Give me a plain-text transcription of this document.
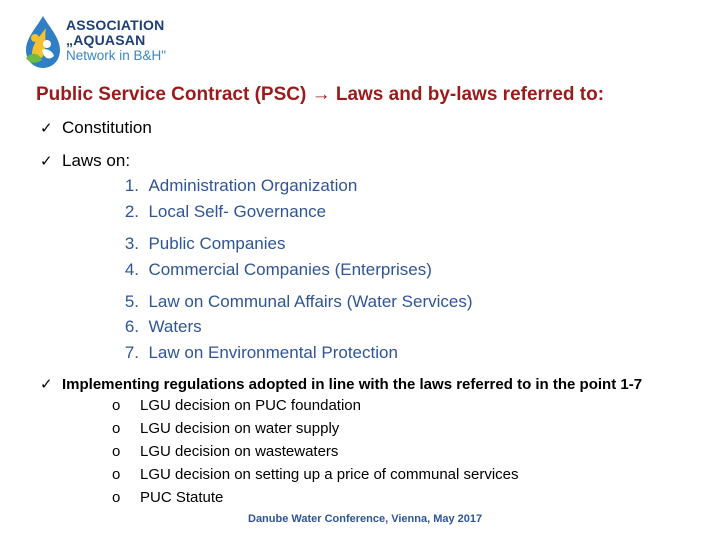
ASSOCIATION
„AQUASAN
Network in B&H"
Public Service Contract (PSC) → Laws and by-laws referred to:
✓ Constitution
✓ Laws on:
1. Administration Organization
2. Local Self- Governance
3. Public Companies
4. Commercial Companies (Enterprises)
5. Law on Communal Affairs (Water Services)
6. Waters
7. Law on Environmental Protection
✓ Implementing regulations adopted in line with the laws referred to in the point 1-7
o LGU decision on PUC foundation
o LGU decision on water supply
o LGU decision on wastewaters
o LGU decision on setting up a price of communal services
o PUC Statute
Danube Water Conference, Vienna, May 2017
